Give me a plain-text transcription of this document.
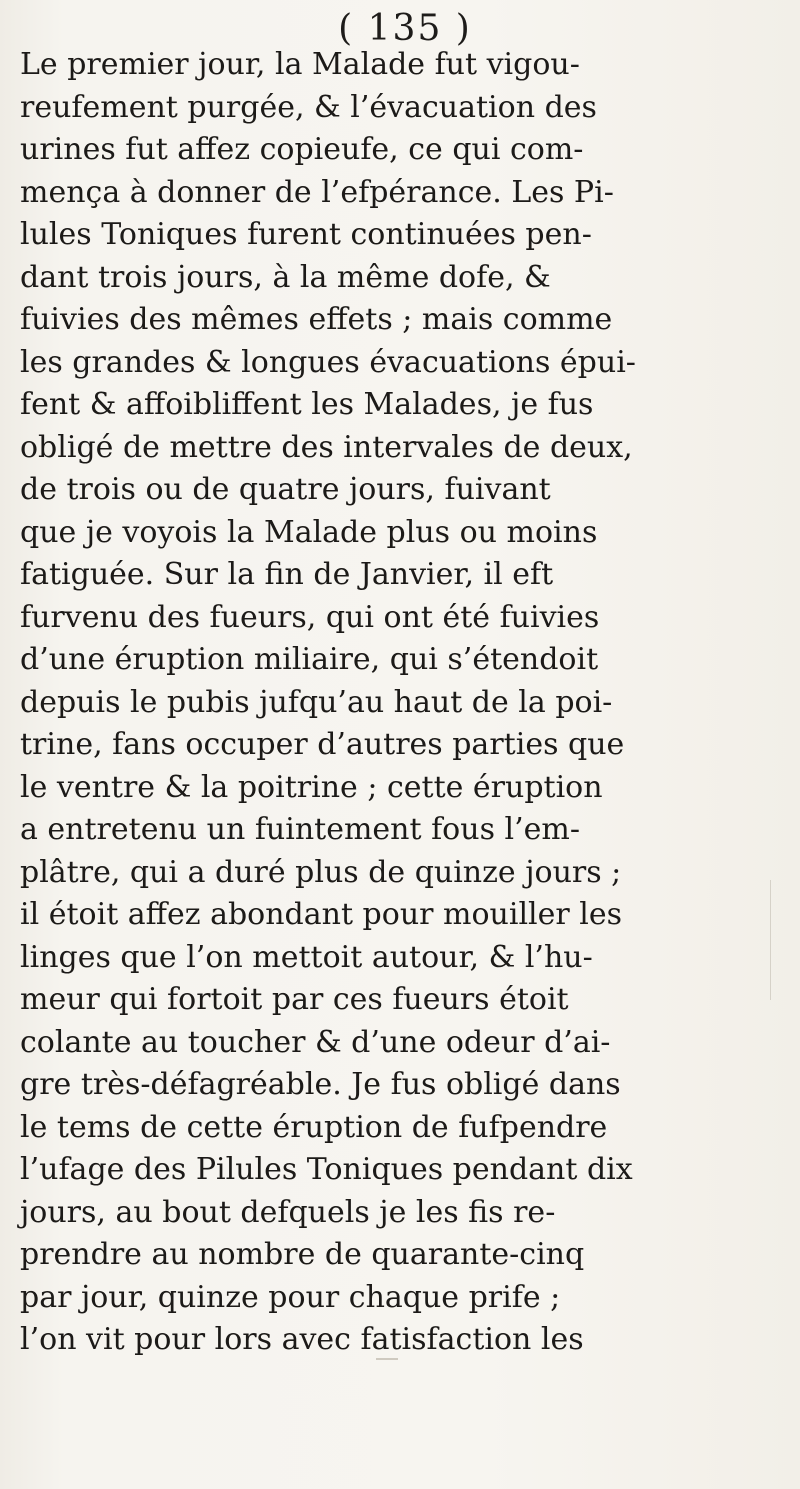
( 135 )
Le premier jour, la Malade fut vigou-
reufement purgée, & l’évacuation des
urines fut affez copieufe, ce qui com-
mença à donner de l’efpérance. Les Pi-
lules Toniques furent continuées pen-
dant trois jours, à la même dofe, &
fuivies des mêmes effets ; mais comme
les grandes & longues évacuations épui-
fent & affoibliffent les Malades, je fus
obligé de mettre des intervales de deux,
de trois ou de quatre jours, fuivant
que je voyois la Malade plus ou moins
fatiguée. Sur la fin de Janvier, il eft
furvenu des fueurs, qui ont été fuivies
d’une éruption miliaire, qui s’étendoit
depuis le pubis jufqu’au haut de la poi-
trine, fans occuper d’autres parties que
le ventre & la poitrine ; cette éruption
a entretenu un fuintement fous l’em-
plâtre, qui a duré plus de quinze jours ;
il étoit affez abondant pour mouiller les
linges que l’on mettoit autour, & l’hu-
meur qui fortoit par ces fueurs étoit
colante au toucher & d’une odeur d’ai-
gre très-défagréable. Je fus obligé dans
le tems de cette éruption de fufpendre
l’ufage des Pilules Toniques pendant dix
jours, au bout defquels je les fis re-
prendre au nombre de quarante-cinq
par jour, quinze pour chaque prife ;
l’on vit pour lors avec fatisfaction les
